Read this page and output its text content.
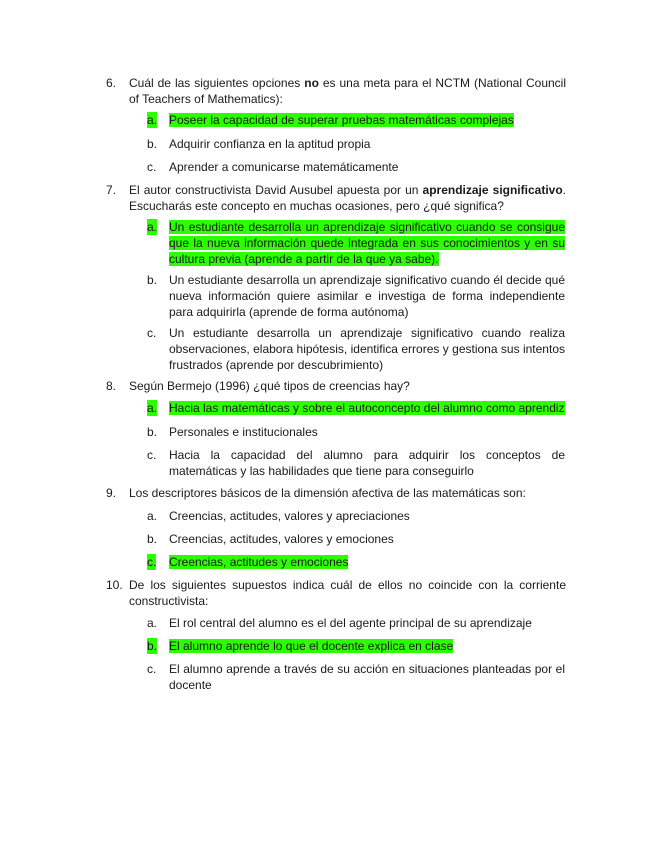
6. Cuál de las siguientes opciones no es una meta para el NCTM (National Council of Teachers of Mathematics):
a. Poseer la capacidad de superar pruebas matemáticas complejas
b. Adquirir confianza en la aptitud propia
c. Aprender a comunicarse matemáticamente
7. El autor constructivista David Ausubel apuesta por un aprendizaje significativo. Escucharás este concepto en muchas ocasiones, pero ¿qué significa?
a. Un estudiante desarrolla un aprendizaje significativo cuando se consigue que la nueva información quede integrada en sus conocimientos y en su cultura previa (aprende a partir de la que ya sabe).
b. Un estudiante desarrolla un aprendizaje significativo cuando él decide qué nueva información quiere asimilar e investiga de forma independiente para adquirirla (aprende de forma autónoma)
c. Un estudiante desarrolla un aprendizaje significativo cuando realiza observaciones, elabora hipótesis, identifica errores y gestiona sus intentos frustrados (aprende por descubrimiento)
8. Según Bermejo (1996) ¿qué tipos de creencias hay?
a. Hacia las matemáticas y sobre el autoconcepto del alumno como aprendiz
b. Personales e institucionales
c. Hacia la capacidad del alumno para adquirir los conceptos de matemáticas y las habilidades que tiene para conseguirlo
9. Los descriptores básicos de la dimensión afectiva de las matemáticas son:
a. Creencias, actitudes, valores y apreciaciones
b. Creencias, actitudes, valores y emociones
c. Creencias, actitudes y emociones
10. De los siguientes supuestos indica cuál de ellos no coincide con la corriente constructivista:
a. El rol central del alumno es el del agente principal de su aprendizaje
b. El alumno aprende lo que el docente explica en clase
c. El alumno aprende a través de su acción en situaciones planteadas por el docente
